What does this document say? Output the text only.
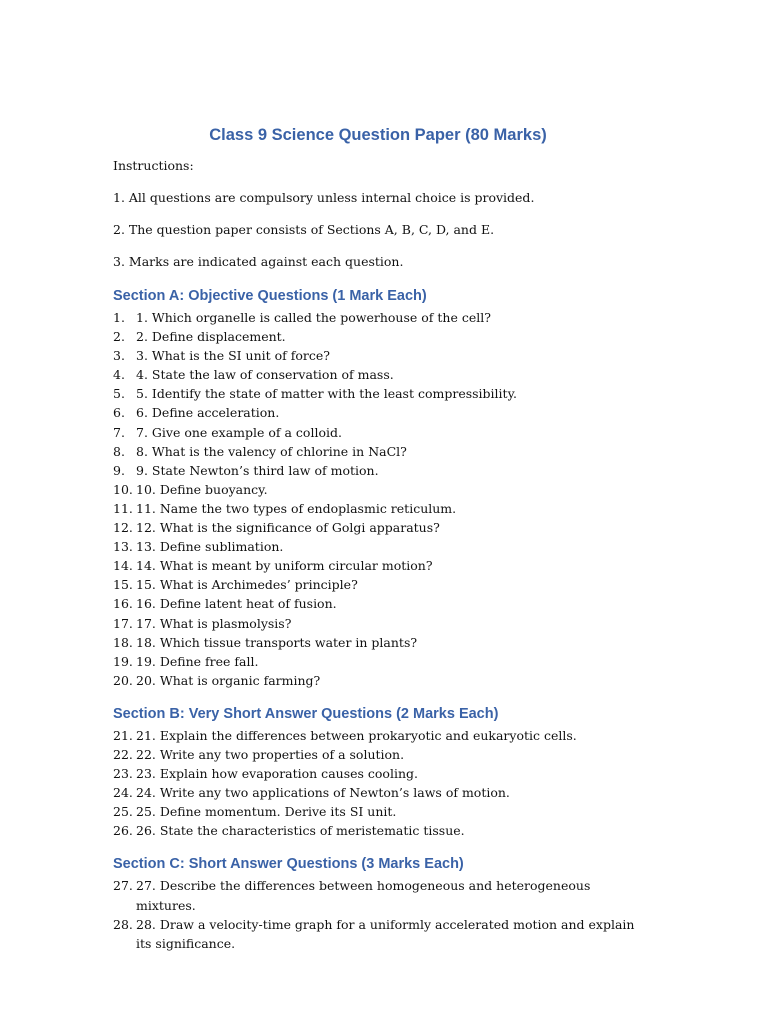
Class 9 Science Question Paper (80 Marks)

Instructions:

1. All questions are compulsory unless internal choice is provided.

2. The question paper consists of Sections A, B, C, D, and E.

3. Marks are indicated against each question.

Section A: Objective Questions (1 Mark Each)
1. 1. Which organelle is called the powerhouse of the cell?
2. 2. Define displacement.
3. 3. What is the SI unit of force?
4. 4. State the law of conservation of mass.
5. 5. Identify the state of matter with the least compressibility.
6. 6. Define acceleration.
7. 7. Give one example of a colloid.
8. 8. What is the valency of chlorine in NaCl?
9. 9. State Newton’s third law of motion.
10. 10. Define buoyancy.
11. 11. Name the two types of endoplasmic reticulum.
12. 12. What is the significance of Golgi apparatus?
13. 13. Define sublimation.
14. 14. What is meant by uniform circular motion?
15. 15. What is Archimedes’ principle?
16. 16. Define latent heat of fusion.
17. 17. What is plasmolysis?
18. 18. Which tissue transports water in plants?
19. 19. Define free fall.
20. 20. What is organic farming?
Section B: Very Short Answer Questions (2 Marks Each)
21. 21. Explain the differences between prokaryotic and eukaryotic cells.
22. 22. Write any two properties of a solution.
23. 23. Explain how evaporation causes cooling.
24. 24. Write any two applications of Newton’s laws of motion.
25. 25. Define momentum. Derive its SI unit.
26. 26. State the characteristics of meristematic tissue.
Section C: Short Answer Questions (3 Marks Each)
27. 27. Describe the differences between homogeneous and heterogeneous mixtures.
28. 28. Draw a velocity-time graph for a uniformly accelerated motion and explain its significance.
